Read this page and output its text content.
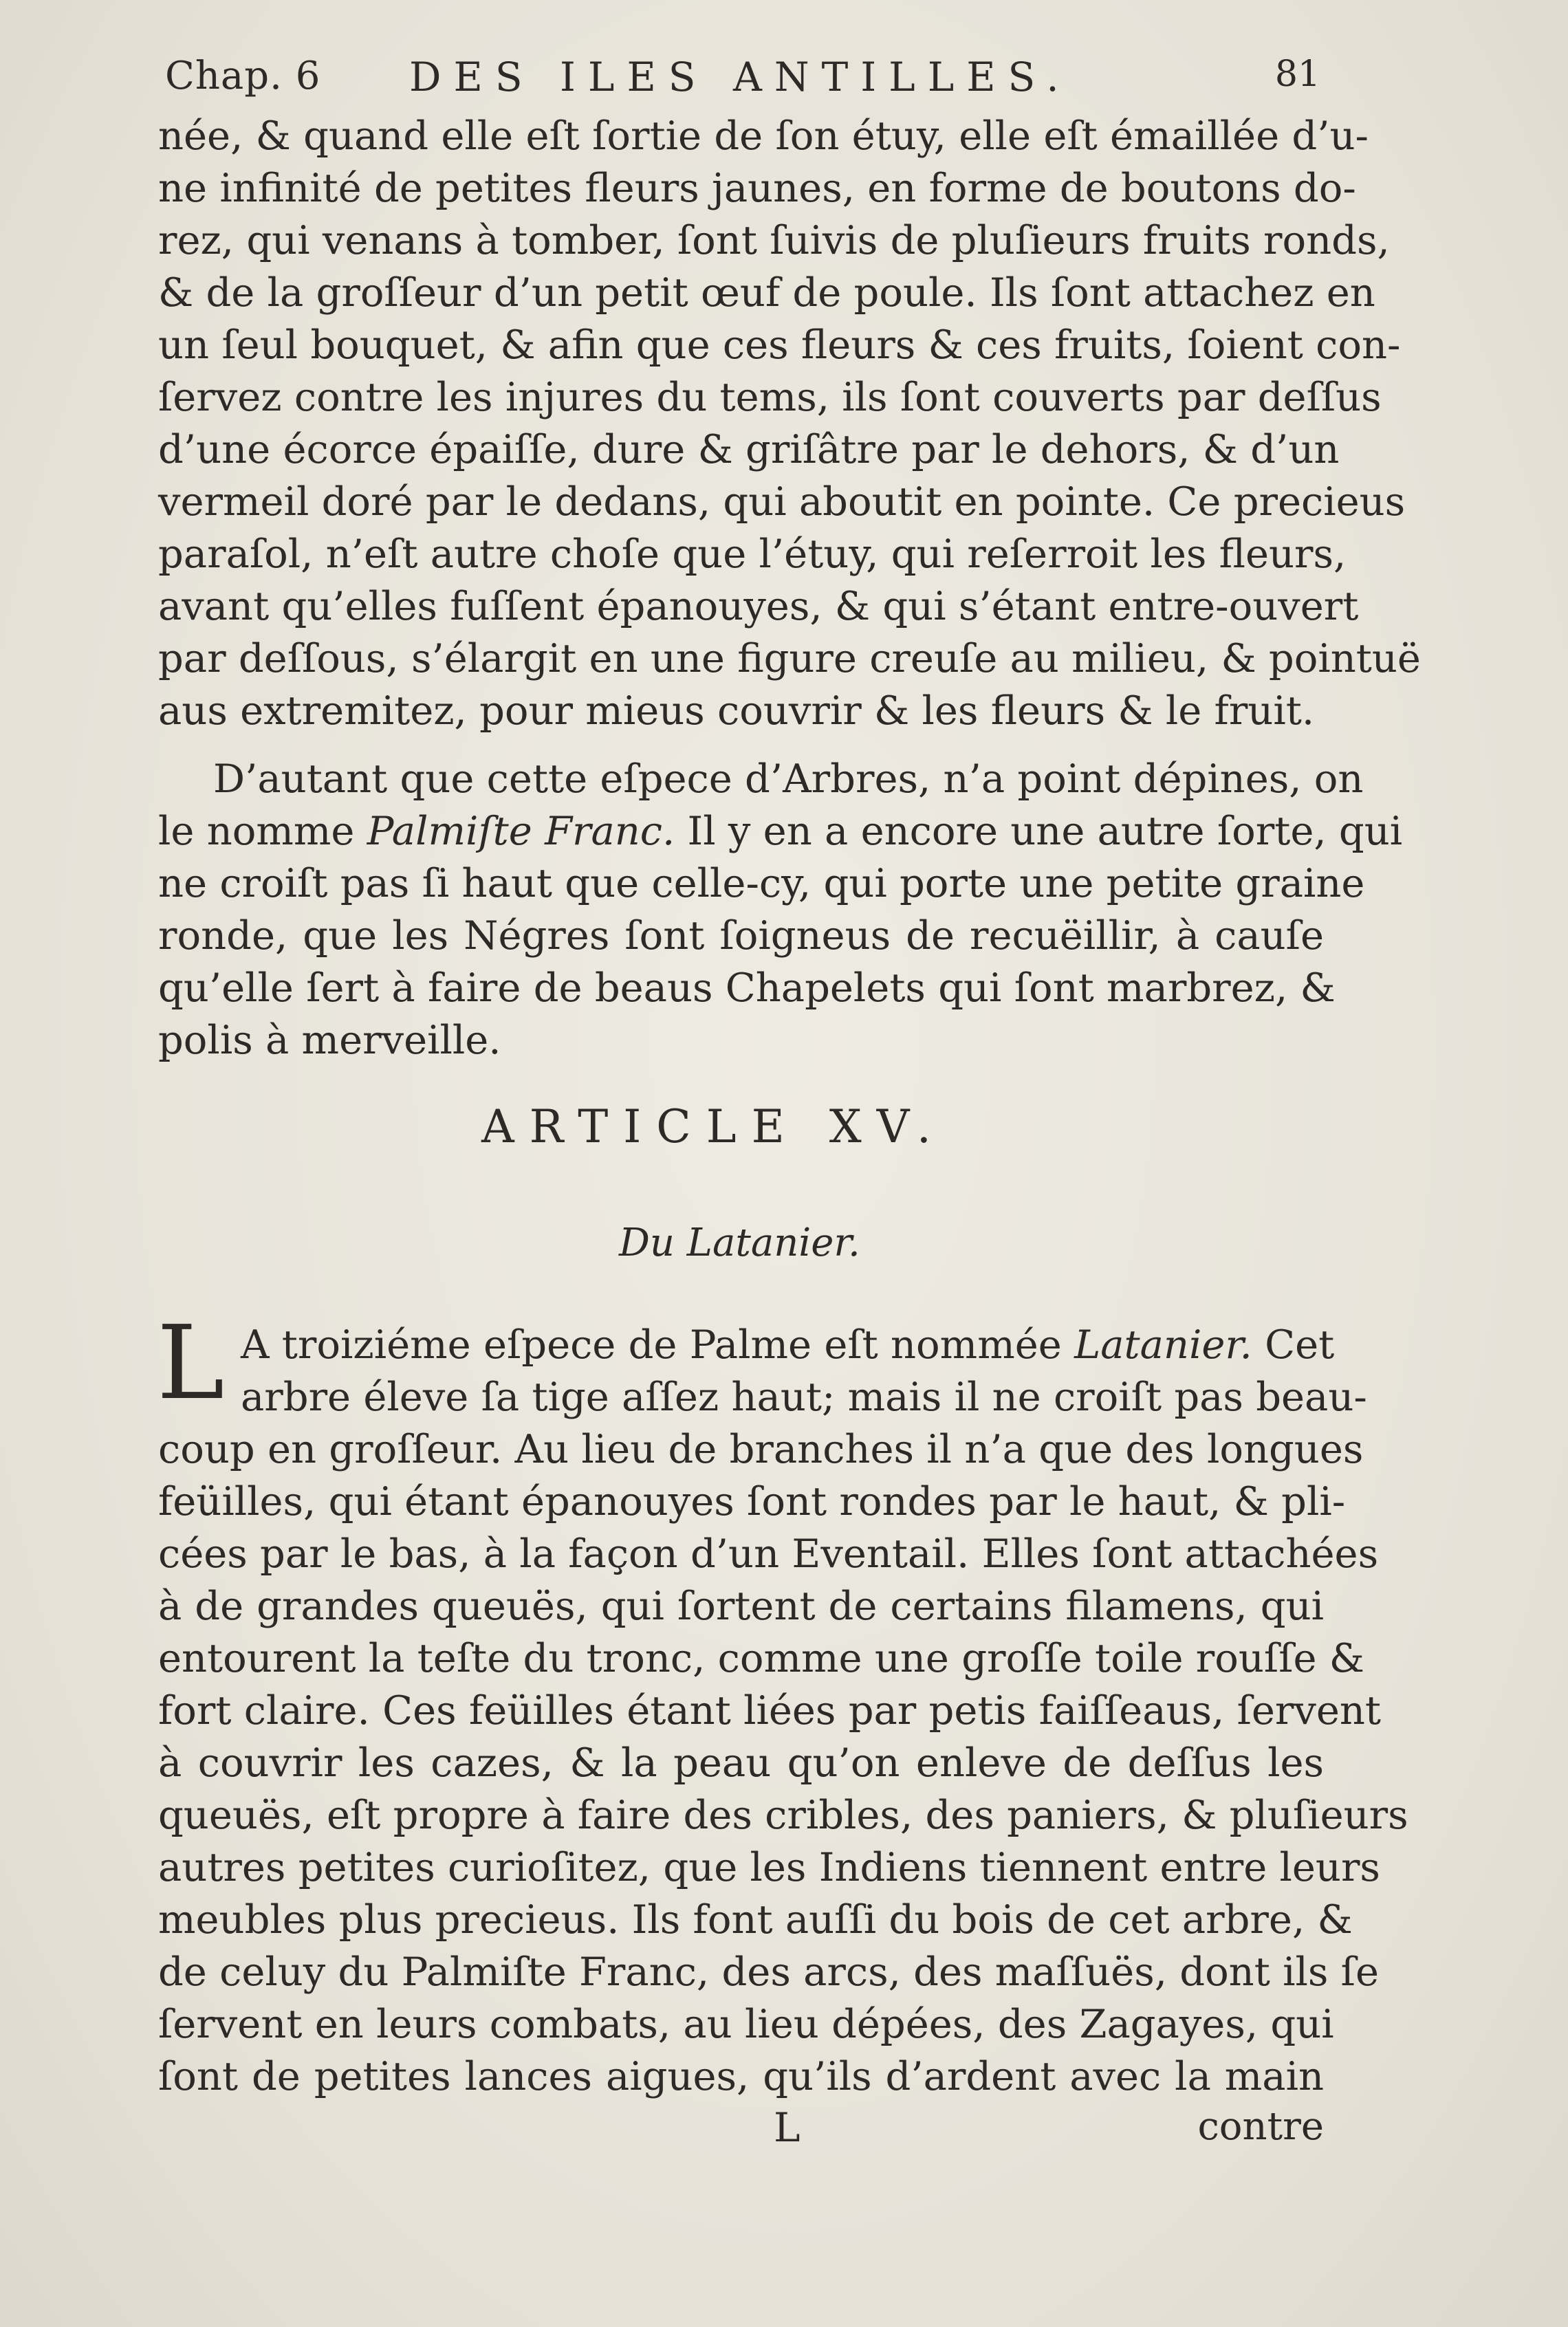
Chap. 6 DES ILES ANTILLES.	81
née, & quand elle eſt ſortie de ſon étuy, elle eſt émaillée d’u-
ne infinité de petites fleurs jaunes, en forme de boutons do-
rez, qui venans à tomber, ſont ſuivis de pluſieurs fruits ronds,
& de la groſſeur d’un petit œuf de poule. Ils ſont attachez en
un ſeul bouquet, & afin que ces fleurs & ces fruits, ſoient con-
ſervez contre les injures du tems, ils ſont couverts par deſſus
d’une écorce épaiſſe, dure & griſâtre par le dehors, & d’un
vermeil doré par le dedans, qui aboutit en pointe. Ce precieus
paraſol, n’eſt autre choſe que l’étuy, qui reſerroit les fleurs,
avant qu’elles fuſſent épanouyes, & qui s’étant entre-ouvert
par deſſous, s’élargit en une figure creuſe au milieu, & pointuë
aus extremitez, pour mieus couvrir & les fleurs & le fruit.
D’autant que cette eſpece d’Arbres, n’a point dépines, on
le nomme Palmiſte Franc. Il y en a encore une autre ſorte, qui
ne croiſt pas ſi haut que celle-cy, qui porte une petite graine
ronde, que les Négres ſont ſoigneus de recuëillir, à cauſe
qu’elle ſert à faire de beaus Chapelets qui ſont marbrez, &
polis à merveille.
ARTICLE XV.
Du Latanier.
L A troiziéme eſpece de Palme eſt nommée Latanier. Cet
arbre éleve ſa tige aſſez haut; mais il ne croiſt pas beau-
coup en groſſeur. Au lieu de branches il n’a que des longues
feüilles, qui étant épanouyes ſont rondes par le haut, & pli-
cées par le bas, à la façon d’un Eventail. Elles ſont attachées
à de grandes queuës, qui ſortent de certains filamens, qui
entourent la teſte du tronc, comme une groſſe toile rouſſe &
fort claire. Ces feüilles étant liées par petis faiſſeaus, ſervent
à couvrir les cazes, & la peau qu’on enleve de deſſus les
queuës, eſt propre à faire des cribles, des paniers, & pluſieurs
autres petites curioſitez, que les Indiens tiennent entre leurs
meubles plus precieus. Ils font auſſi du bois de cet arbre, &
de celuy du Palmiſte Franc, des arcs, des maſſuës, dont ils ſe
ſervent en leurs combats, au lieu dépées, des Zagayes, qui
ſont de petites lances aigues, qu’ils d’ardent avec la main
L	contre
